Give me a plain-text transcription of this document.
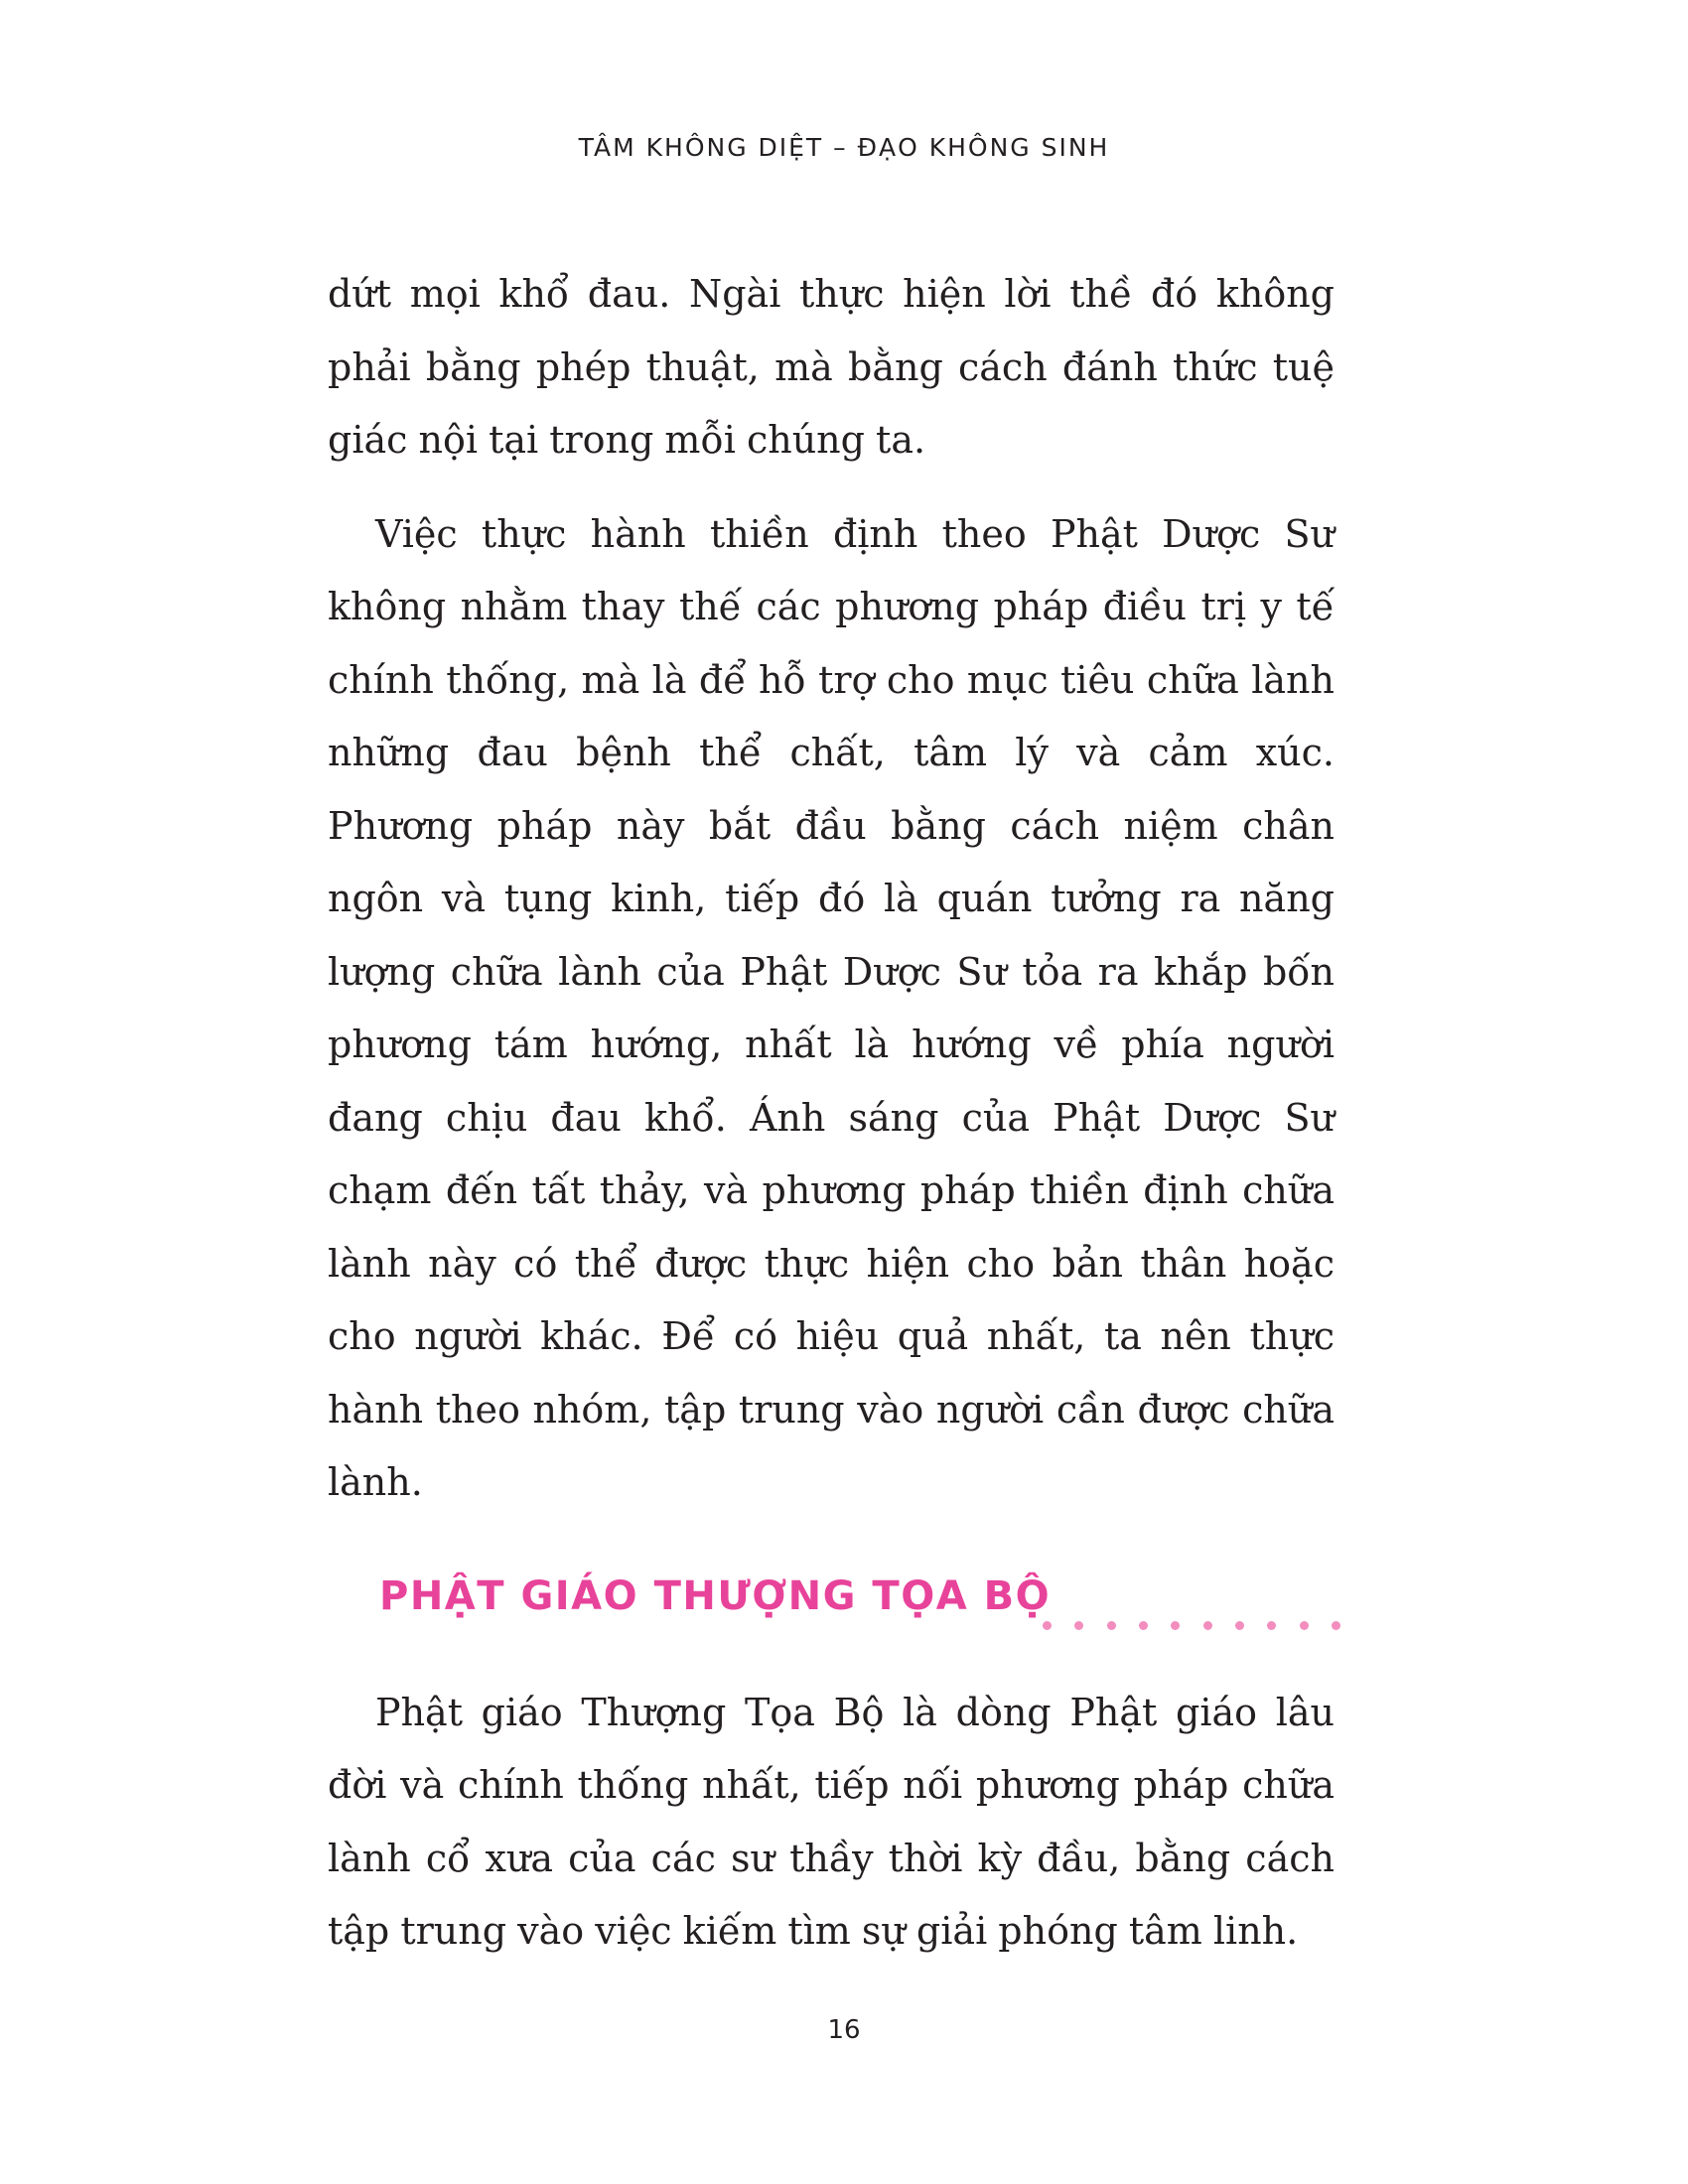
TÂM KHÔNG DIỆT – ĐẠO KHÔNG SINH

dứt mọi khổ đau. Ngài thực hiện lời thề đó không phải bằng phép thuật, mà bằng cách đánh thức tuệ giác nội tại trong mỗi chúng ta.

Việc thực hành thiền định theo Phật Dược Sư không nhằm thay thế các phương pháp điều trị y tế chính thống, mà là để hỗ trợ cho mục tiêu chữa lành những đau bệnh thể chất, tâm lý và cảm xúc. Phương pháp này bắt đầu bằng cách niệm chân ngôn và tụng kinh, tiếp đó là quán tưởng ra năng lượng chữa lành của Phật Dược Sư tỏa ra khắp bốn phương tám hướng, nhất là hướng về phía người đang chịu đau khổ. Ánh sáng của Phật Dược Sư chạm đến tất thảy, và phương pháp thiền định chữa lành này có thể được thực hiện cho bản thân hoặc cho người khác. Để có hiệu quả nhất, ta nên thực hành theo nhóm, tập trung vào người cần được chữa lành.

PHẬT GIÁO THƯỢNG TỌA BỘ

Phật giáo Thượng Tọa Bộ là dòng Phật giáo lâu đời và chính thống nhất, tiếp nối phương pháp chữa lành cổ xưa của các sư thầy thời kỳ đầu, bằng cách tập trung vào việc kiếm tìm sự giải phóng tâm linh.

16
